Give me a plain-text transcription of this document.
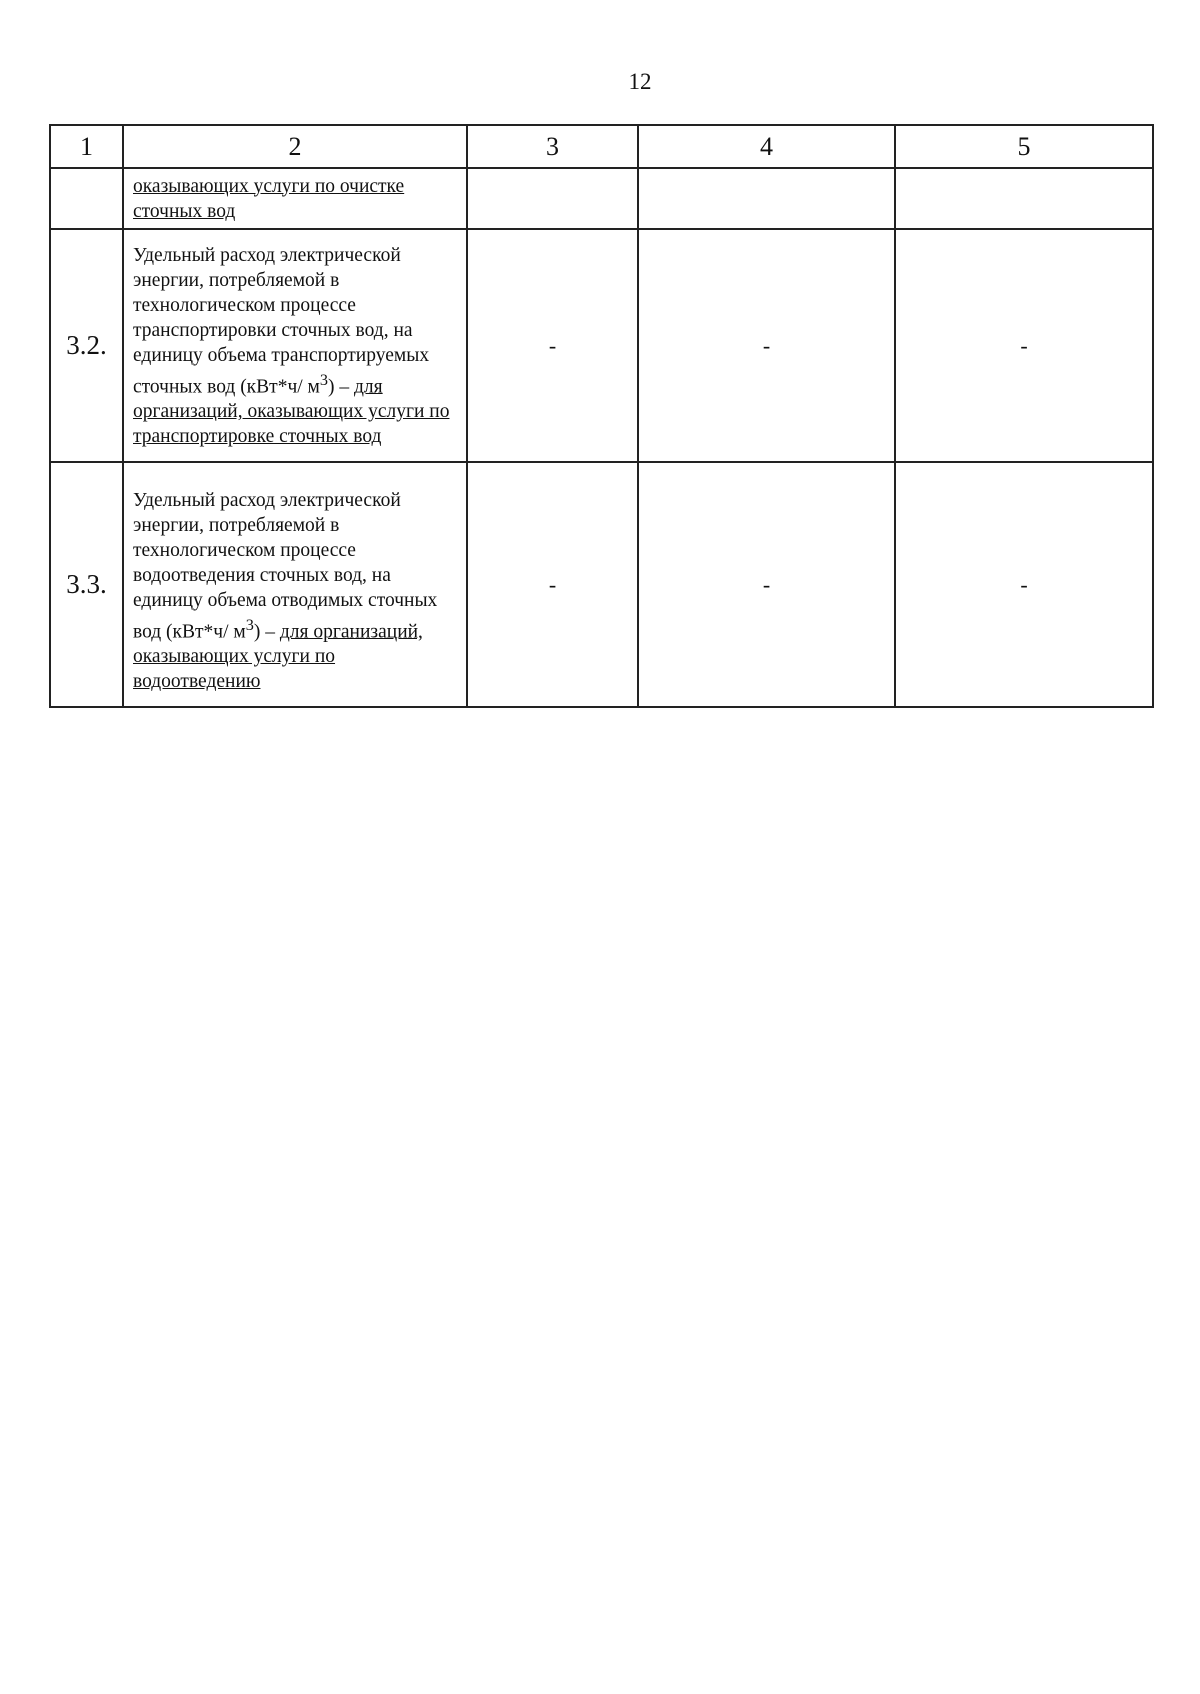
12
1	2	3	4	5
	оказывающих услуги по очистке сточных вод			
3.2.	Удельный расход электрической энергии, потребляемой в технологическом процессе транспортировки сточных вод, на единицу объема транспортируемых сточных вод (кВт*ч/ $м^3$) – для организаций, оказывающих услуги по транспортировке сточных вод	-	-	-
3.3.	Удельный расход электрической энергии, потребляемой в технологическом процессе водоотведения сточных вод, на единицу объема отводимых сточных вод (кВт*ч/ $м^3$) – для организаций, оказывающих услуги по водоотведению	-	-	-
